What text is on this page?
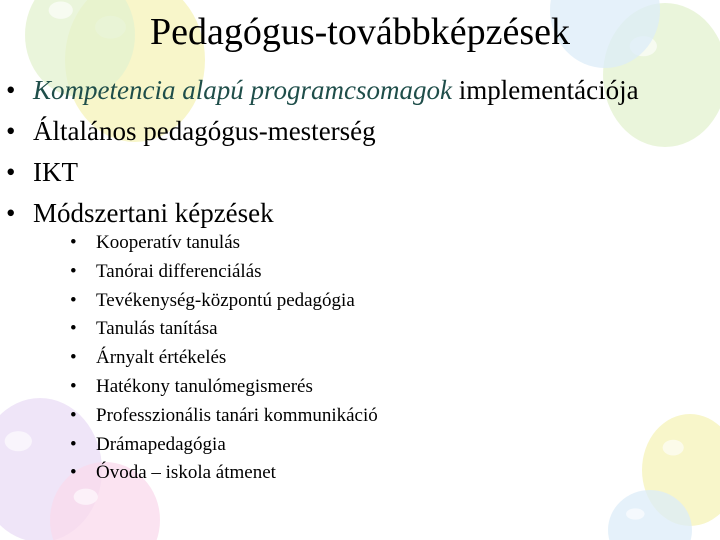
Pedagógus-továbbképzések
• Kompetencia alapú programcsomagok implementációja
• Általános pedagógus-mesterség
• IKT
• Módszertani képzések
• Kooperatív tanulás
• Tanórai differenciálás
• Tevékenység-központú pedagógia
• Tanulás tanítása
• Árnyalt értékelés
• Hatékony tanulómegismerés
• Professzionális tanári kommunikáció
• Drámapedagógia
• Óvoda – iskola átmenet
